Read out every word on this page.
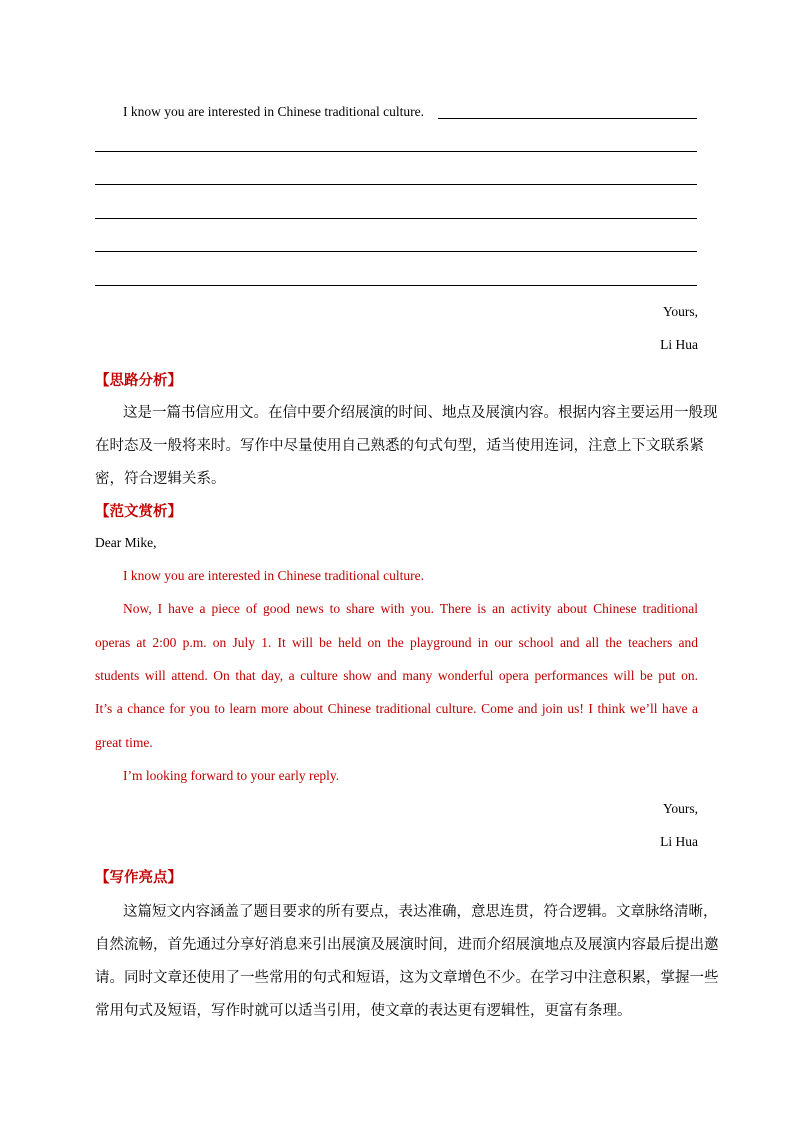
I know you are interested in Chinese traditional culture.
Yours,
Li Hua
【思路分析】
这是一篇书信应用文。在信中要介绍展演的时间、地点及展演内容。根据内容主要运用一般现
在时态及一般将来时。写作中尽量使用自己熟悉的句式句型，适当使用连词，注意上下文联系紧
密，符合逻辑关系。
【范文赏析】
Dear Mike,
I know you are interested in Chinese traditional culture.
Now, I have a piece of good news to share with you. There is an activity about Chinese traditional
operas at 2:00 p.m. on July 1. It will be held on the playground in our school and all the teachers and
students will attend. On that day, a culture show and many wonderful opera performances will be put on.
It’s a chance for you to learn more about Chinese traditional culture. Come and join us! I think we’ll have a
great time.
I’m looking forward to your early reply.
Yours,
Li Hua
【写作亮点】
这篇短文内容涵盖了题目要求的所有要点，表达准确，意思连贯，符合逻辑。文章脉络清晰，
自然流畅，首先通过分享好消息来引出展演及展演时间，进而介绍展演地点及展演内容最后提出邀
请。同时文章还使用了一些常用的句式和短语，这为文章增色不少。在学习中注意积累，掌握一些
常用句式及短语，写作时就可以适当引用，使文章的表达更有逻辑性，更富有条理。
